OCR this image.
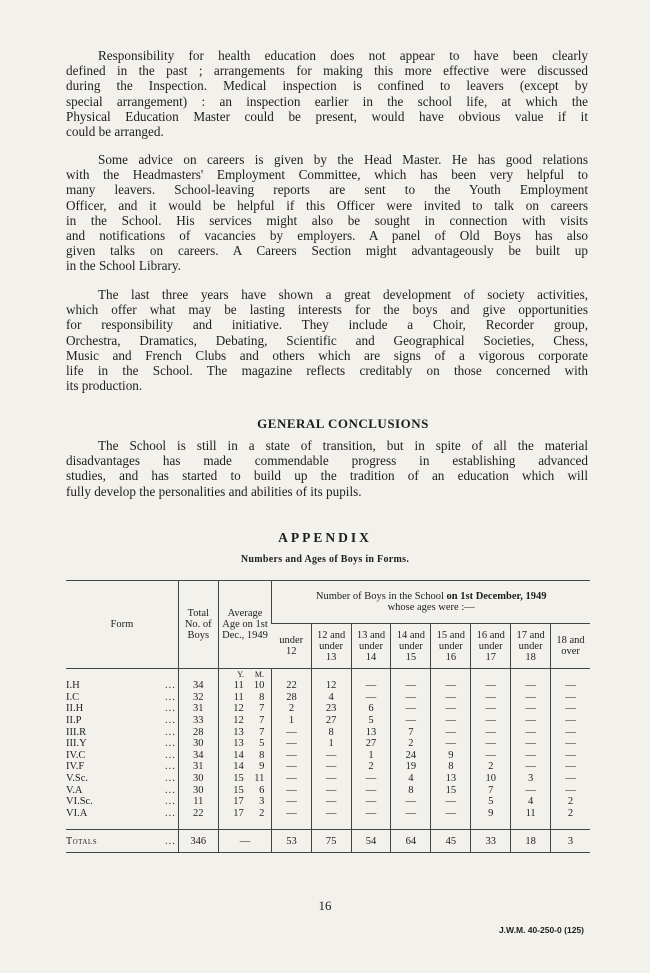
Responsibility for health education does not appear to have been clearly
defined in the past ; arrangements for making this more effective were discussed
during the Inspection. Medical inspection is confined to leavers (except by
special arrangement) : an inspection earlier in the school life, at which the
Physical Education Master could be present, would have obvious value if it
could be arranged.
Some advice on careers is given by the Head Master. He has good relations
with the Headmasters' Employment Committee, which has been very helpful to
many leavers. School-leaving reports are sent to the Youth Employment
Officer, and it would be helpful if this Officer were invited to talk on careers
in the School. His services might also be sought in connection with visits
and notifications of vacancies by employers. A panel of Old Boys has also
given talks on careers. A Careers Section might advantageously be built up
in the School Library.
The last three years have shown a great development of society activities,
which offer what may be lasting interests for the boys and give opportunities
for responsibility and initiative. They include a Choir, Recorder group,
Orchestra, Dramatics, Debating, Scientific and Geographical Societies, Chess,
Music and French Clubs and others which are signs of a vigorous corporate
life in the School. The magazine reflects creditably on those concerned with
its production.
GENERAL CONCLUSIONS
The School is still in a state of transition, but in spite of all the material
disadvantages has made commendable progress in establishing advanced
studies, and has started to build up the tradition of an education which will
fully develop the personalities and abilities of its pupils.
APPENDIX
Numbers and Ages of Boys in Forms.
Form	Total No. of Boys	Average Age on 1st Dec., 1949	Number of Boys in the School on 1st December, 1949
whose ages were :—							
			under 12	12 and under 13	13 and under 14	14 and under 15	15 and under 16	16 and under 17	17 and under 18	18 and over
		Y. M.								
I.H ...	34	11 10	22	12	—	—	—	—	—	—
I.C ...	32	11 8	28	4	—	—	—	—	—	—
II.H ...	31	12 7	2	23	6	—	—	—	—	—
II.P ...	33	12 7	1	27	5	—	—	—	—	—
III.R ...	28	13 7	—	8	13	7	—	—	—	—
III.Y ...	30	13 5	—	1	27	2	—	—	—	—
IV.C ...	34	14 8	—	—	1	24	9	—	—	—
IV.F ...	31	14 9	—	—	2	19	8	2	—	—
V.Sc. ...	30	15 11	—	—	—	4	13	10	3	—
V.A ...	30	15 6	—	—	—	8	15	7	—	—
VI.Sc. ...	11	17 3	—	—	—	—	—	5	4	2
VI.A ...	22	17 2	—	—	—	—	—	9	11	2

Totals ...	346	—	53	75	54	64	45	33	18	3
16
J.W.M. 40-250-0 (125)
